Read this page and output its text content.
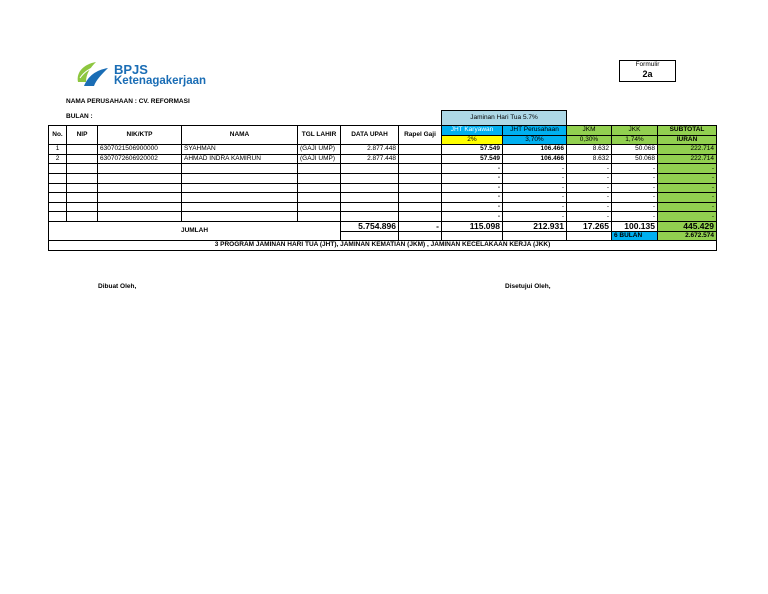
BPJS
Ketenagakerjaan
Formulir
2a
NAMA PERUSAHAAN : CV. REFORMASI
BULAN :
							Jaminan Hari Tua 5.7%				
No.	NIP	NIK/KTP	NAMA	TGL LAHIR	DATA UPAH	Rapel Gaji	JHT Karyawan	JHT Perusahaan	JKM	JKK	SUBTOTAL
							2%	3,70%	0,30%	1,74%	IURAN
1		6307021506900000	SYAHMAN	(GAJI UMP)	2.877.448		57.549	106.466	8.632	50.068	222.714
2		6307072606920002	AHMAD INDRA KAMIRUN	(GAJI UMP)	2.877.448		57.549	106.466	8.632	50.068	222.714
							-	-	-	-	-
							-	-	-	-	-
							-	-	-	-	-
							-	-	-	-	-
							-	-	-	-	-
							-	-	-	-	-
JUMLAH					5.754.896	-	115.098	212.931	17.265	100.135	445.429
										6 BULAN	2.672.574
3 PROGRAM JAMINAN HARI TUA (JHT), JAMINAN KEMATIAN (JKM) , JAMINAN KECELAKAAN KERJA (JKK)											
Dibuat Oleh,	Disetujui Oleh,
